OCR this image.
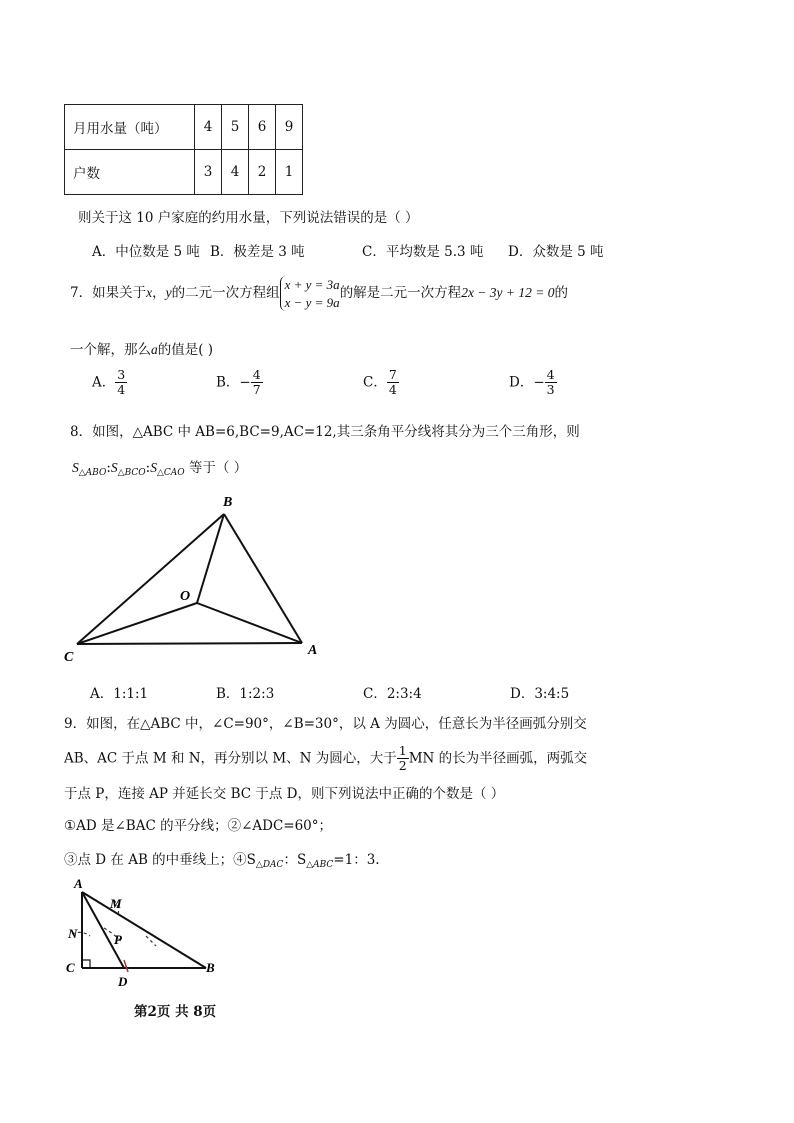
月用水量（吨）	4	5	6	9
户数	3	4	2	1
则关于这 10 户家庭的约用水量，下列说法错误的是（ ）
A．中位数是 5 吨 B．极差是 3 吨	C．平均数是 5.3 吨 D．众数是 5 吨
7．如果关于x，y的二元一次方程组
x + y = 3a
x − y = 9a
的解是二元一次方程2x − 3y + 12 = 0的
一个解，那么a的值是( )
A． $\frac{3}{4}$	B．− $\frac{4}{7}$	C． $\frac{7}{4}$	D．− $\frac{4}{3}$
8．如图，△ABC 中 AB=6,BC=9,AC=12,其三条角平分线将其分为三个三角形，则
$S_{\triangle ABO}:S_{\triangle BCO}:S_{\triangle CAO}$ 等于（ ）
B
O
C	A
A．1:1:1	B．1:2:3	C．2:3:4	D．3:4:5
9．如图，在△ABC 中，∠C=90°，∠B=30°，以 A 为圆心，任意长为半径画弧分别交
AB、AC 于点 M 和 N，再分别以 M、N 为圆心，大于 $\frac{1}{2}$ MN 的长为半径画弧，两弧交
于点 P，连接 AP 并延长交 BC 于点 D，则下列说法中正确的个数是（ ）
①AD 是∠BAC 的平分线；②∠ADC=60°；
③点 D 在 AB 的中垂线上；$④S_{\triangle DAC}$：$S_{\triangle ABC}=1$：3.
A
M
N	P
C
D
B
第2页 共 8页
